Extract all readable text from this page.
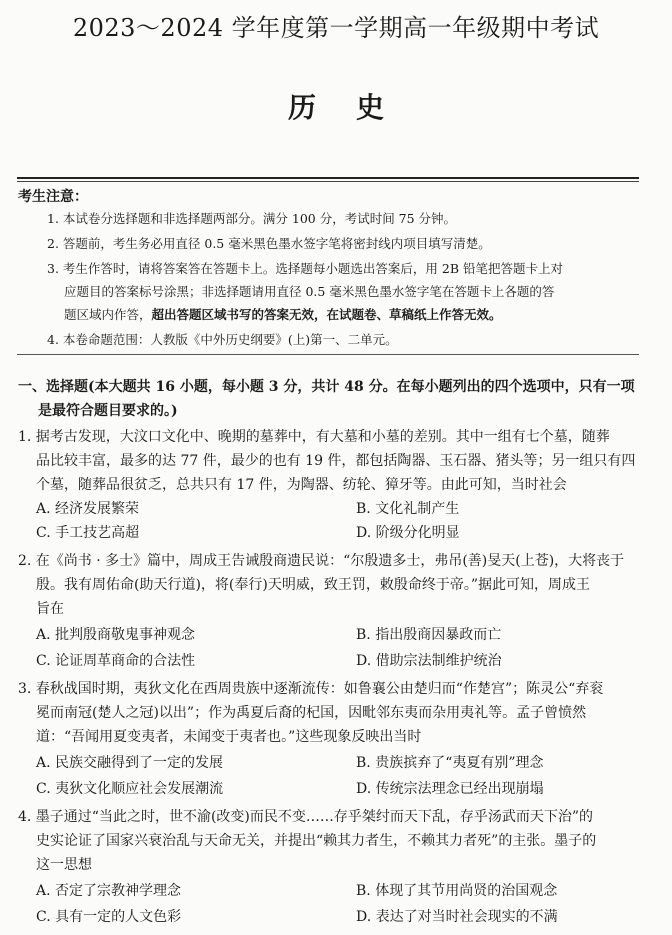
2023～2024 学年度第一学期高一年级期中考试
历史
考生注意：
1. 本试卷分选择题和非选择题两部分。满分 100 分，考试时间 75 分钟。
2. 答题前，考生务必用直径 0.5 毫米黑色墨水签字笔将密封线内项目填写清楚。
3. 考生作答时，请将答案答在答题卡上。选择题每小题选出答案后，用 2B 铅笔把答题卡上对
应题目的答案标号涂黑；非选择题请用直径 0.5 毫米黑色墨水签字笔在答题卡上各题的答
题区域内作答，超出答题区域书写的答案无效，在试题卷、草稿纸上作答无效。
4. 本卷命题范围：人教版《中外历史纲要》(上)第一、二单元。
一、选择题(本大题共 16 小题，每小题 3 分，共计 48 分。在每小题列出的四个选项中，只有一项
是最符合题目要求的。)
1. 据考古发现，大汶口文化中、晚期的墓葬中，有大墓和小墓的差别。其中一组有七个墓，随葬
品比较丰富，最多的达 77 件，最少的也有 19 件，都包括陶器、玉石器、猪头等；另一组只有四
个墓，随葬品很贫乏，总共只有 17 件，为陶器、纺轮、獐牙等。由此可知，当时社会
A. 经济发展繁荣	B. 文化礼制产生
C. 手工技艺高超	D. 阶级分化明显
2. 在《尚书 · 多士》篇中，周成王告诫殷商遗民说：“尔殷遗多士，弗吊(善)旻天(上苍)，大将丧于
殷。我有周佑命(助天行道)，将(奉行)天明威，致王罚，敕殷命终于帝。”据此可知，周成王
旨在
A. 批判殷商敬鬼事神观念	B. 指出殷商因暴政而亡
C. 论证周革商命的合法性	D. 借助宗法制维护统治
3. 春秋战国时期，夷狄文化在西周贵族中逐渐流传：如鲁襄公由楚归而“作楚宫”；陈灵公“弃衮
冕而南冠(楚人之冠)以出”；作为禹夏后裔的杞国，因毗邻东夷而杂用夷礼等。孟子曾愤然
道：“吾闻用夏变夷者，未闻变于夷者也。”这些现象反映出当时
A. 民族交融得到了一定的发展	B. 贵族摈弃了“夷夏有别”理念
C. 夷狄文化顺应社会发展潮流	D. 传统宗法理念已经出现崩塌
4. 墨子通过“当此之时，世不渝(改变)而民不变……存乎桀纣而天下乱，存乎汤武而天下治”的
史实论证了国家兴衰治乱与天命无关，并提出“赖其力者生，不赖其力者死”的主张。墨子的
这一思想
A. 否定了宗教神学理念	B. 体现了其节用尚贤的治国观念
C. 具有一定的人文色彩	D. 表达了对当时社会现实的不满
